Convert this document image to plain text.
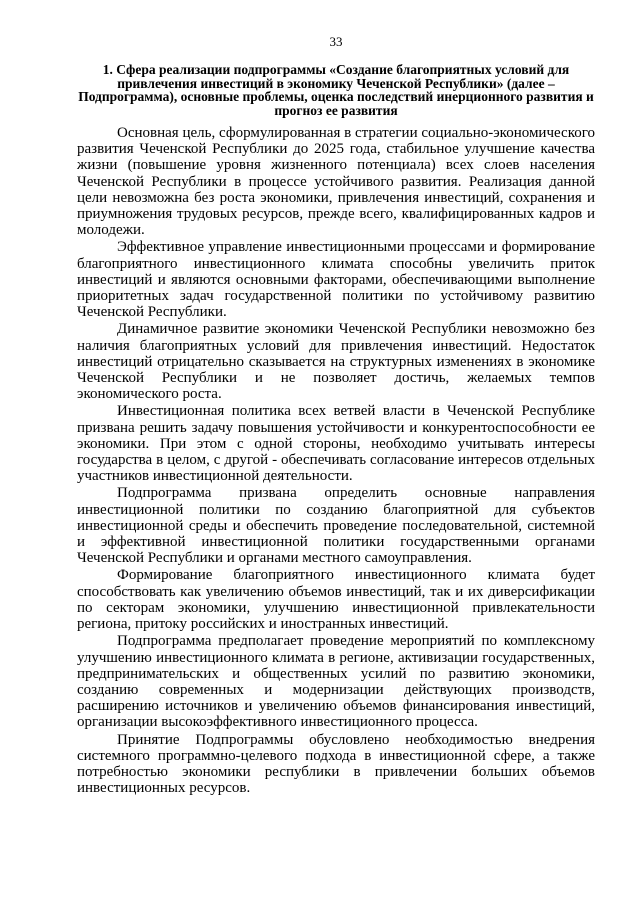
33
1. Сфера реализации подпрограммы «Создание благоприятных условий для привлечения инвестиций в экономику Чеченской Республики» (далее – Подпрограмма), основные проблемы, оценка последствий инерционного развития и прогноз ее развития

Основная цель, сформулированная в стратегии социально-экономического развития Чеченской Республики до 2025 года, стабильное улучшение качества жизни (повышение уровня жизненного потенциала) всех слоев населения Чеченской Республики в процессе устойчивого развития. Реализация данной цели невозможна без роста экономики, привлечения инвестиций, сохранения и приумножения трудовых ресурсов, прежде всего, квалифицированных кадров и молодежи.

Эффективное управление инвестиционными процессами и формирование благоприятного инвестиционного климата способны увеличить приток инвестиций и являются основными факторами, обеспечивающими выполнение приоритетных задач государственной политики по устойчивому развитию Чеченской Республики.

Динамичное развитие экономики Чеченской Республики невозможно без наличия благоприятных условий для привлечения инвестиций. Недостаток инвестиций отрицательно сказывается на структурных изменениях в экономике Чеченской Республики и не позволяет достичь, желаемых темпов экономического роста.

Инвестиционная политика всех ветвей власти в Чеченской Республике призвана решить задачу повышения устойчивости и конкурентоспособности ее экономики. При этом с одной стороны, необходимо учитывать интересы государства в целом, с другой - обеспечивать согласование интересов отдельных участников инвестиционной деятельности.

Подпрограмма призвана определить основные направления инвестиционной политики по созданию благоприятной для субъектов инвестиционной среды и обеспечить проведение последовательной, системной и эффективной инвестиционной политики государственными органами Чеченской Республики и органами местного самоуправления.

Формирование благоприятного инвестиционного климата будет способствовать как увеличению объемов инвестиций, так и их диверсификации по секторам экономики, улучшению инвестиционной привлекательности региона, притоку российских и иностранных инвестиций.

Подпрограмма предполагает проведение мероприятий по комплексному улучшению инвестиционного климата в регионе, активизации государственных, предпринимательских и общественных усилий по развитию экономики, созданию современных и модернизации действующих производств, расширению источников и увеличению объемов финансирования инвестиций, организации высокоэффективного инвестиционного процесса.

Принятие Подпрограммы обусловлено необходимостью внедрения системного программно-целевого подхода в инвестиционной сфере, а также потребностью экономики республики в привлечении больших объемов инвестиционных ресурсов.
